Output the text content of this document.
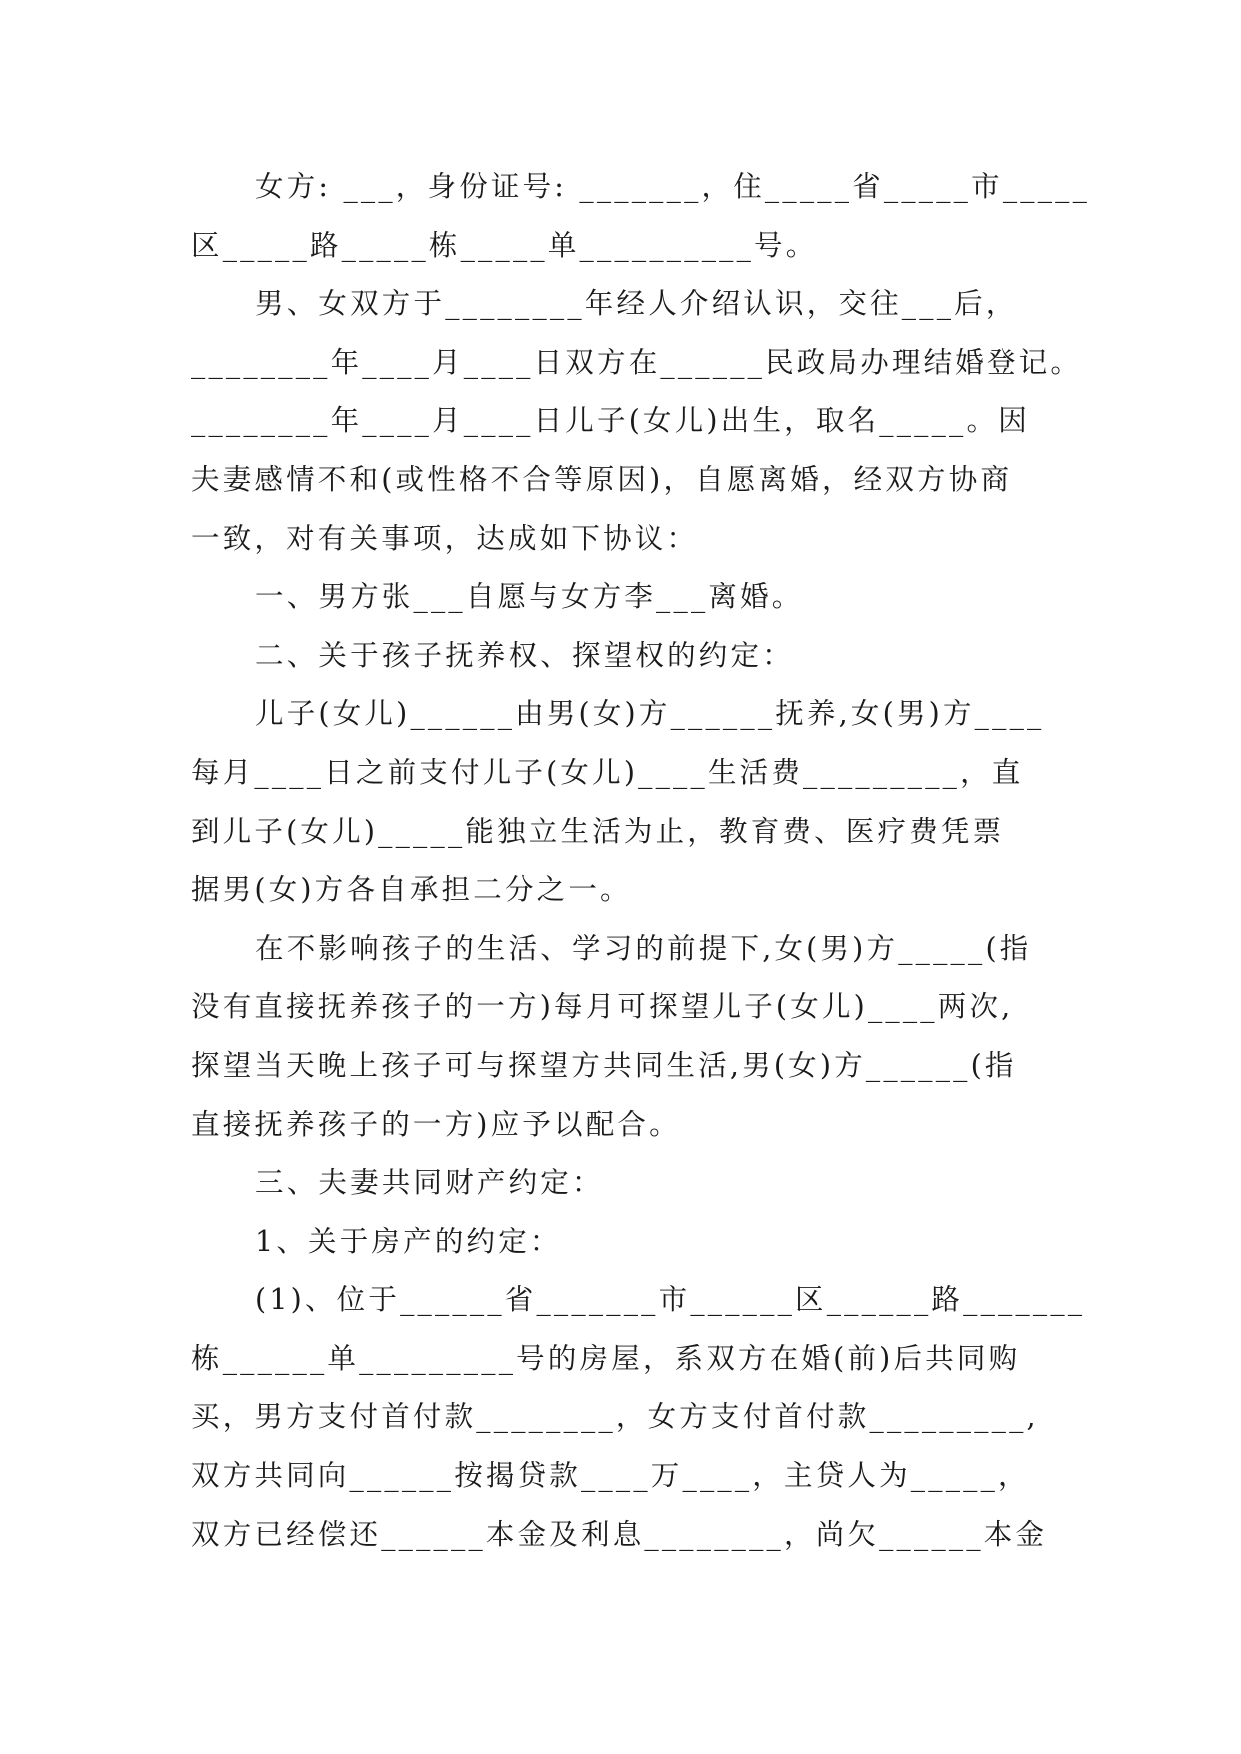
女方: ___，身份证号: _______，住_____省_____市_____
区_____路_____栋_____单__________号。
男、女双方于________年经人介绍认识，交往___后，
________年____月____日双方在______民政局办理结婚登记。
________年____月____日儿子(女儿)出生，取名_____。因
夫妻感情不和(或性格不合等原因)，自愿离婚，经双方协商
一致，对有关事项，达成如下协议：
一、男方张___自愿与女方李___离婚。
二、关于孩子抚养权、探望权的约定：
儿子(女儿)______由男(女)方______抚养,女(男)方____
每月____日之前支付儿子(女儿)____生活费_________，直
到儿子(女儿)_____能独立生活为止，教育费、医疗费凭票
据男(女)方各自承担二分之一。
在不影响孩子的生活、学习的前提下,女(男)方_____(指
没有直接抚养孩子的一方)每月可探望儿子(女儿)____两次,
探望当天晚上孩子可与探望方共同生活,男(女)方______(指
直接抚养孩子的一方)应予以配合。
三、夫妻共同财产约定：
1、关于房产的约定：
(1)、位于______省_______市______区______路_______
栋______单_________号的房屋，系双方在婚(前)后共同购
买，男方支付首付款________，女方支付首付款_________,
双方共同向______按揭贷款____万____，主贷人为_____，
双方已经偿还______本金及利息________，尚欠______本金
